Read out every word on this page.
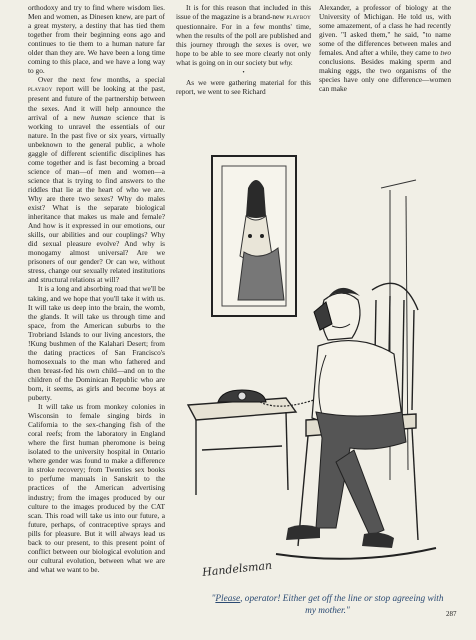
orthodoxy and try to find where wisdom lies. Men and women, as Dinesen knew, are part of a great mystery, a destiny that has tied them together from their beginning eons ago and continues to tie them to a human nature far older than they are. We have been a long time coming to this place, and we have a long way to go.

Over the next few months, a special playboy report will be looking at the past, present and future of the partnership between the sexes. And it will help announce the arrival of a new human science that is working to unravel the essentials of our nature. In the past five or six years, virtually unbeknown to the general public, a whole gaggle of different scientific disciplines has come together and is fast becoming a broad science of man—of men and women—a science that is trying to find answers to the riddles that lie at the heart of who we are. Why are there two sexes? Why do males exist? What is the separate biological inheritance that makes us male and female? And how is it expressed in our emotions, our skills, our abilities and our couplings? Why did sexual pleasure evolve? And why is monogamy almost universal? Are we prisoners of our gender? Or can we, without stress, change our sexually related institutions and structural relations at will?

It is a long and absorbing road that we'll be taking, and we hope that you'll take it with us. It will take us deep into the brain, the womb, the glands. It will take us through time and space, from the American suburbs to the Trobriand Islands to our living ancestors, the !Kung bushmen of the Kalahari Desert; from the dating practices of San Francisco's homosexuals to the man who fathered and then breast-fed his own child—and on to the children of the Dominican Republic who are born, it seems, as girls and become boys at puberty.

It will take us from monkey colonies in Wisconsin to female singing birds in California to the sex-changing fish of the coral reefs; from the laboratory in England where the first human pheromone is being isolated to the university hospital in Ontario where gender was found to make a difference in stroke recovery; from Twenties sex books to perfume manuals in Sanskrit to the practices of the American advertising industry; from the images produced by our culture to the images produced by the CAT scan. This road will take us into our future, a future, perhaps, of contraceptive sprays and pills for pleasure. But it will always lead us back to our present, to this present point of conflict between our biological evolution and our cultural evolution, between what we are and what we want to be.

It is for this reason that included in this issue of the magazine is a brand-new playboy questionnaire. For in a few months' time, when the results of the poll are published and this journey through the sexes is over, we hope to be able to see more clearly not only what is going on in our society but why.

•

As we were gathering material for this report, we went to see Richard

Alexander, a professor of biology at the University of Michigan. He told us, with some amazement, of a class he had recently given. "I asked them," he said, "to name some of the differences between males and females. And after a while, they came to two conclusions. Besides making sperm and making eggs, the two organisms of the species have only one difference—women can make

Handelsman
"Please, operator! Either get off the line or stop agreeing with my mother."	287
